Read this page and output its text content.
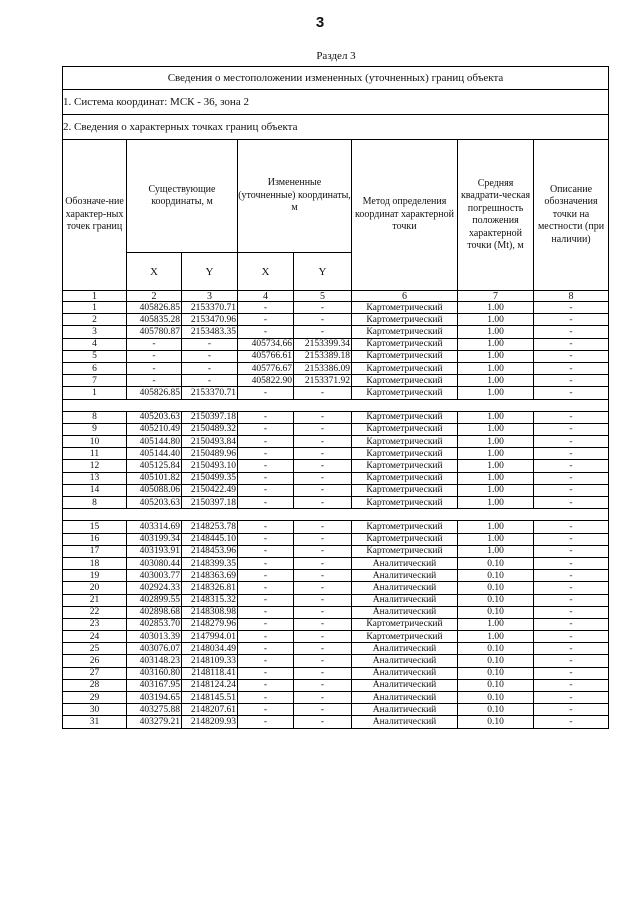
3
Раздел 3
Сведения о местоположении измененных (уточненных) границ объекта							
1. Система координат: МСК - 36, зона 2							
2. Сведения о характерных точках границ объекта							
Обозначе-ние характер-ных точек границ	Существующие координаты, м		Измененные (уточненные) координаты, м		Метод определения координат характерной точки	Средняя квадрати-ческая погрешность положения характерной точки (Mt), м	Описание обозначения точки на местности (при наличии)
	X	Y	X	Y			
1	2	3	4	5	6	7	8
1	405826.85	2153370.71	-	-	Картометрический	1.00	-
2	405835.28	2153470.96	-	-	Картометрический	1.00	-
3	405780.87	2153483.35	-	-	Картометрический	1.00	-
4	-	-	405734.66	2153399.34	Картометрический	1.00	-
5	-	-	405766.61	2153389.18	Картометрический	1.00	-
6	-	-	405776.67	2153386.09	Картометрический	1.00	-
7	-	-	405822.90	2153371.92	Картометрический	1.00	-
1	405826.85	2153370.71	-	-	Картометрический	1.00	-

8	405203.63	2150397.18	-	-	Картометрический	1.00	-
9	405210.49	2150489.32	-	-	Картометрический	1.00	-
10	405144.80	2150493.84	-	-	Картометрический	1.00	-
11	405144.40	2150489.96	-	-	Картометрический	1.00	-
12	405125.84	2150493.10	-	-	Картометрический	1.00	-
13	405101.82	2150499.35	-	-	Картометрический	1.00	-
14	405088.06	2150422.49	-	-	Картометрический	1.00	-
8	405203.63	2150397.18	-	-	Картометрический	1.00	-

15	403314.69	2148253.78	-	-	Картометрический	1.00	-
16	403199.34	2148445.10	-	-	Картометрический	1.00	-
17	403193.91	2148453.96	-	-	Картометрический	1.00	-
18	403080.44	2148399.35	-	-	Аналитический	0.10	-
19	403003.77	2148363.69	-	-	Аналитический	0.10	-
20	402924.33	2148326.81	-	-	Аналитический	0.10	-
21	402899.55	2148315.32	-	-	Аналитический	0.10	-
22	402898.68	2148308.98	-	-	Аналитический	0.10	-
23	402853.70	2148279.96	-	-	Картометрический	1.00	-
24	403013.39	2147994.01	-	-	Картометрический	1.00	-
25	403076.07	2148034.49	-	-	Аналитический	0.10	-
26	403148.23	2148109.33	-	-	Аналитический	0.10	-
27	403160.80	2148118.41	-	-	Аналитический	0.10	-
28	403167.95	2148124.24	-	-	Аналитический	0.10	-
29	403194.65	2148145.51	-	-	Аналитический	0.10	-
30	403275.88	2148207.61	-	-	Аналитический	0.10	-
31	403279.21	2148209.93	-	-	Аналитический	0.10	-
